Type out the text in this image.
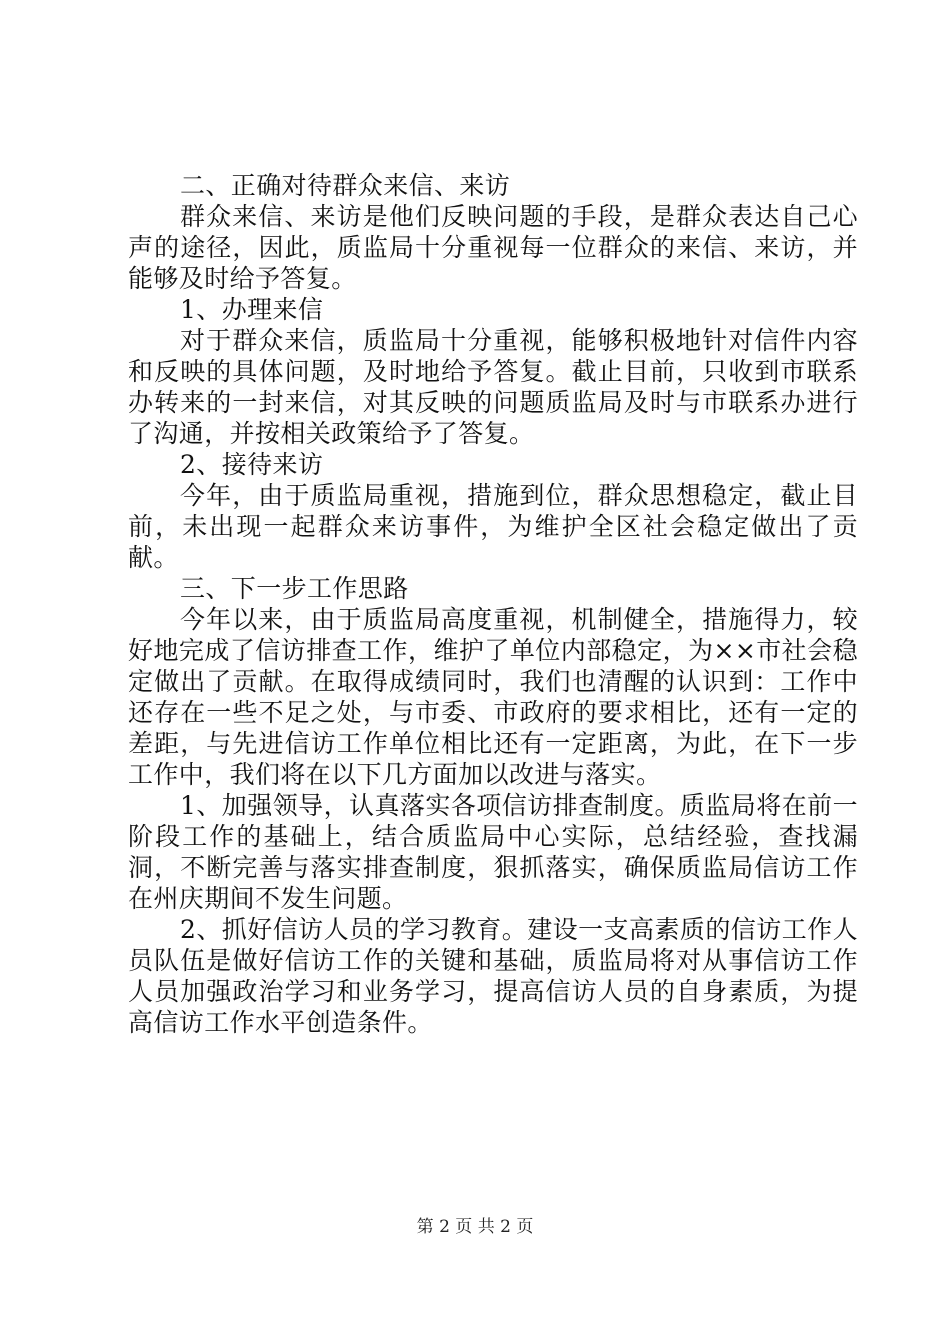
二、正确对待群众来信、来访

群众来信、来访是他们反映问题的手段，是群众表达自己心声的途径，因此，质监局十分重视每一位群众的来信、来访，并能够及时给予答复。

1、办理来信

对于群众来信，质监局十分重视，能够积极地针对信件内容和反映的具体问题，及时地给予答复。截止目前，只收到市联系办转来的一封来信，对其反映的问题质监局及时与市联系办进行了沟通，并按相关政策给予了答复。

2、接待来访

今年，由于质监局重视，措施到位，群众思想稳定，截止目前，未出现一起群众来访事件，为维护全区社会稳定做出了贡献。

三、下一步工作思路

今年以来，由于质监局高度重视，机制健全，措施得力，较好地完成了信访排查工作，维护了单位内部稳定，为××市社会稳定做出了贡献。在取得成绩同时，我们也清醒的认识到：工作中还存在一些不足之处，与市委、市政府的要求相比，还有一定的差距，与先进信访工作单位相比还有一定距离，为此，在下一步工作中，我们将在以下几方面加以改进与落实。

1、加强领导，认真落实各项信访排查制度。质监局将在前一阶段工作的基础上，结合质监局中心实际，总结经验，查找漏洞，不断完善与落实排查制度，狠抓落实，确保质监局信访工作在州庆期间不发生问题。

2、抓好信访人员的学习教育。建设一支高素质的信访工作人员队伍是做好信访工作的关键和基础，质监局将对从事信访工作人员加强政治学习和业务学习，提高信访人员的自身素质，为提高信访工作水平创造条件。

第 2 页 共 2 页
